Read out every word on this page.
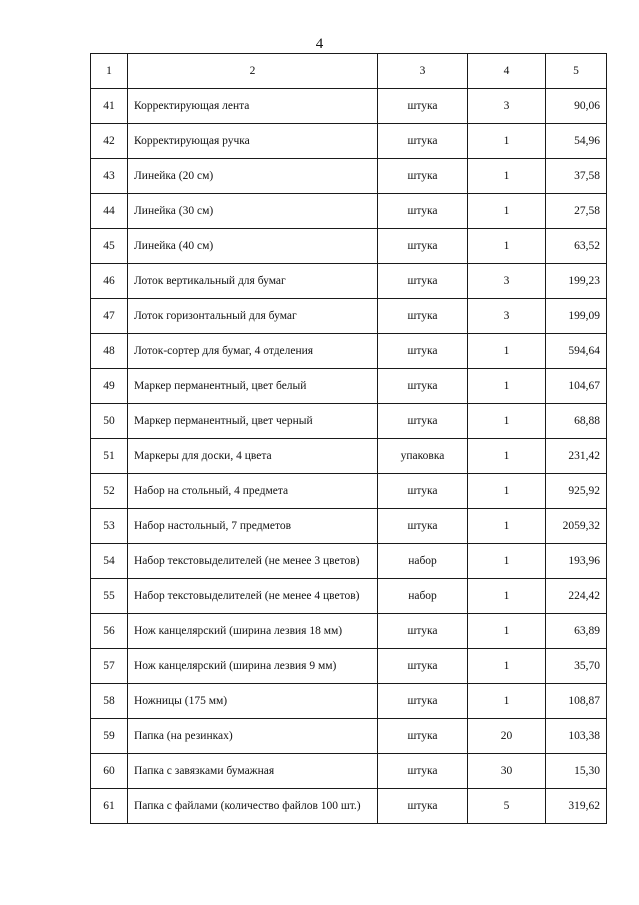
4
1	2	3	4	5
41	Корректирующая лента	штука	3	90,06
42	Корректирующая ручка	штука	1	54,96
43	Линейка (20 см)	штука	1	37,58
44	Линейка (30 см)	штука	1	27,58
45	Линейка (40 см)	штука	1	63,52
46	Лоток вертикальный для бумаг	штука	3	199,23
47	Лоток горизонтальный для бумаг	штука	3	199,09
48	Лоток-сортер для бумаг, 4 отделения	штука	1	594,64
49	Маркер перманентный, цвет белый	штука	1	104,67
50	Маркер перманентный, цвет черный	штука	1	68,88
51	Маркеры для доски, 4 цвета	упаковка	1	231,42
52	Набор на стольный, 4 предмета	штука	1	925,92
53	Набор настольный, 7 предметов	штука	1	2059,32
54	Набор текстовыделителей (не менее 3 цветов)	набор	1	193,96
55	Набор текстовыделителей (не менее 4 цветов)	набор	1	224,42
56	Нож канцелярский (ширина лезвия 18 мм)	штука	1	63,89
57	Нож канцелярский (ширина лезвия 9 мм)	штука	1	35,70
58	Ножницы (175 мм)	штука	1	108,87
59	Папка (на резинках)	штука	20	103,38
60	Папка с завязками бумажная	штука	30	15,30
61	Папка с файлами (количество файлов 100 шт.)	штука	5	319,62
